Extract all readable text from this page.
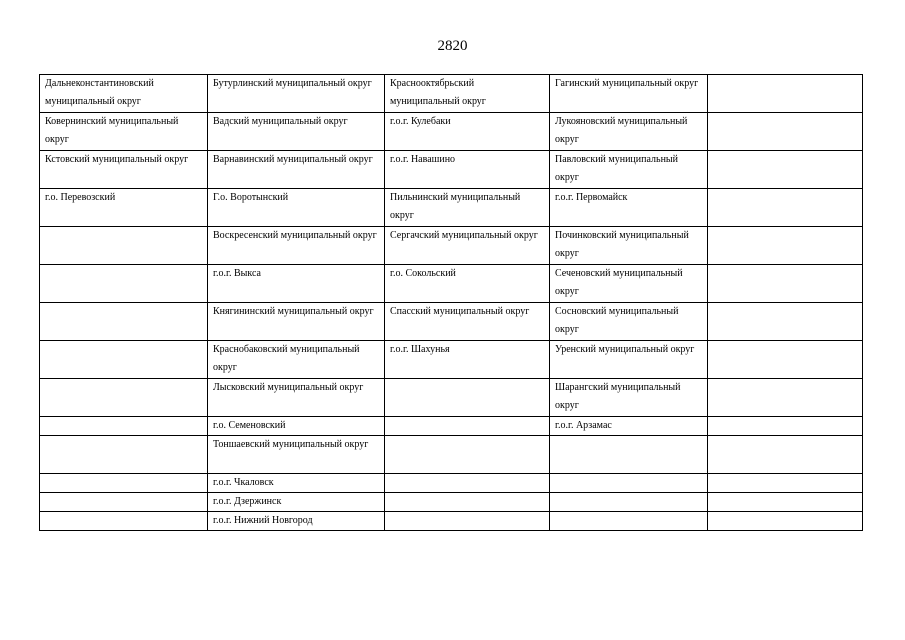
2820
Дальнеконстантиновский муниципальный округ	Бутурлинский муниципальный округ	Краснооктябрьский муниципальный округ	Гагинский муниципальный округ	
Ковернинский муниципальный округ	Вадский муниципальный округ	г.о.г. Кулебаки	Лукояновский муниципальный округ	
Кстовский муниципальный округ	Варнавинский муниципальный округ	г.о.г. Навашино	Павловский муниципальный округ	
г.о. Перевозский	Г.о. Воротынский	Пильнинский муниципальный округ	г.о.г. Первомайск	
	Воскресенский муниципальный округ	Сергачский муниципальный округ	Починковский муниципальный округ	
	г.о.г. Выкса	г.о. Сокольский	Сеченовский муниципальный округ	
	Княгининский муниципальный округ	Спасский муниципальный округ	Сосновский муниципальный округ	
	Краснобаковский муниципальный округ	г.о.г. Шахунья	Уренский муниципальный округ	
	Лысковский муниципальный округ		Шарангский муниципальный округ	
	г.о. Семеновский		г.о.г. Арзамас	
	Тоншаевский муниципальный округ			
	г.о.г. Чкаловск			
	г.о.г. Дзержинск			
	г.о.г. Нижний Новгород			
